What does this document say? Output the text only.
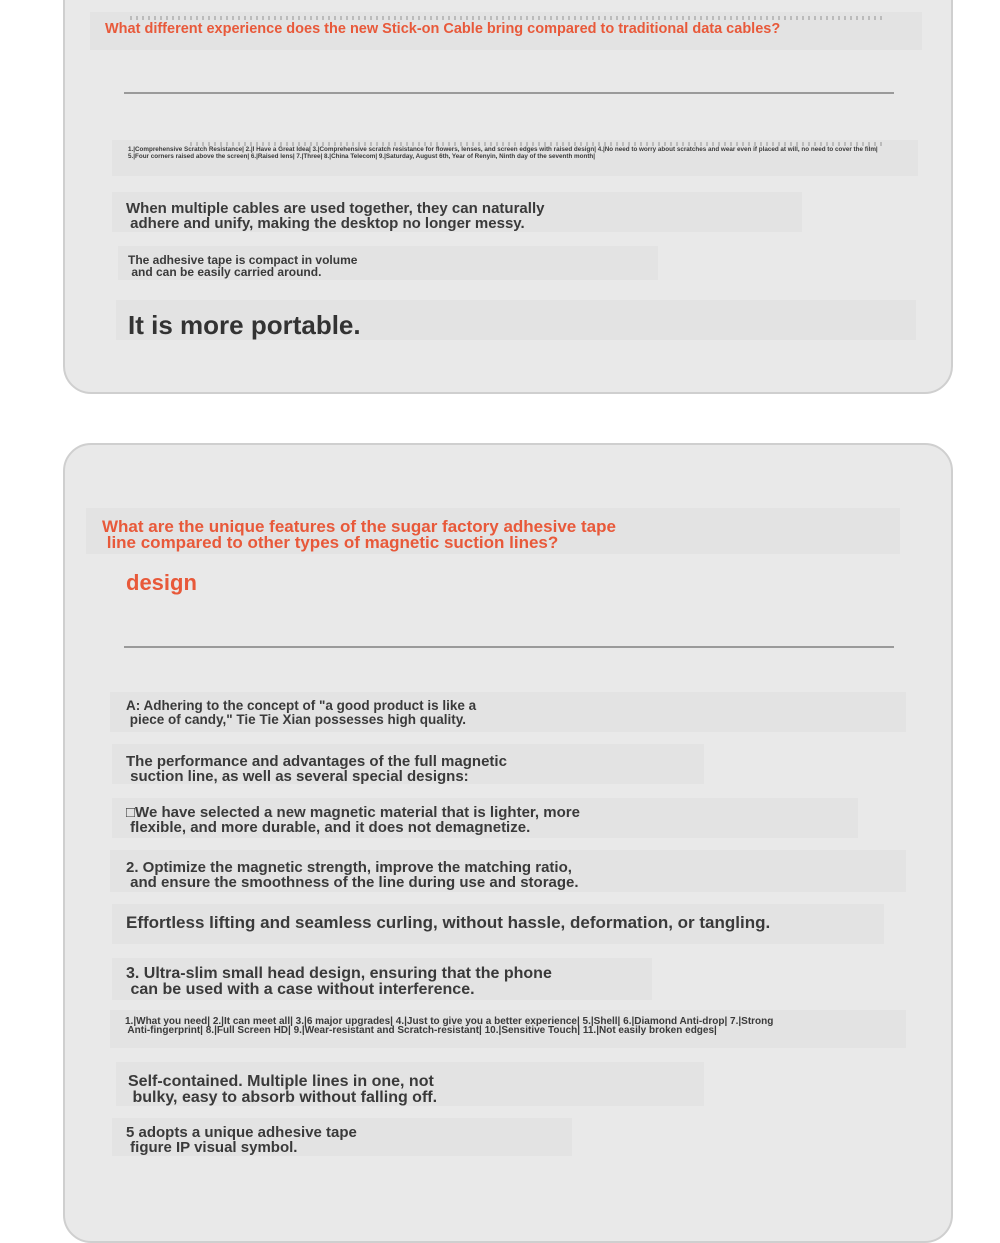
What different experience does the new Stick-on Cable bring compared to traditional data cables?
1.|Comprehensive Scratch Resistance| 2.|I Have a Great Idea| 3.|Comprehensive scratch resistance for flowers, lenses, and screen edges with raised design| 4.|No need to worry about scratches and wear even if placed at will, no need to cover the film| 5.|Four corners raised above the screen| 6.|Raised lens| 7.|Three| 8.|China Telecom| 9.|Saturday, August 6th, Year of Renyin, Ninth day of the seventh month|
When multiple cables are used together, they can naturally
adhere and unify, making the desktop no longer messy.
The adhesive tape is compact in volume
and can be easily carried around.
It is more portable.
What are the unique features of the sugar factory adhesive tape
line compared to other types of magnetic suction lines?
design
A: Adhering to the concept of "a good product is like a
piece of candy," Tie Tie Xian possesses high quality.
The performance and advantages of the full magnetic
suction line, as well as several special designs:
□We have selected a new magnetic material that is lighter, more
flexible, and more durable, and it does not demagnetize.
2. Optimize the magnetic strength, improve the matching ratio,
and ensure the smoothness of the line during use and storage.
Effortless lifting and seamless curling, without hassle, deformation, or tangling.
3. Ultra-slim small head design, ensuring that the phone
can be used with a case without interference.
1.|What you need| 2.|It can meet all| 3.|6 major upgrades| 4.|Just to give you a better experience| 5.|Shell| 6.|Diamond Anti-drop| 7.|Strong
Anti-fingerprint| 8.|Full Screen HD| 9.|Wear-resistant and Scratch-resistant| 10.|Sensitive Touch| 11.|Not easily broken edges|
Self-contained. Multiple lines in one, not
bulky, easy to absorb without falling off.
5 adopts a unique adhesive tape
figure IP visual symbol.
